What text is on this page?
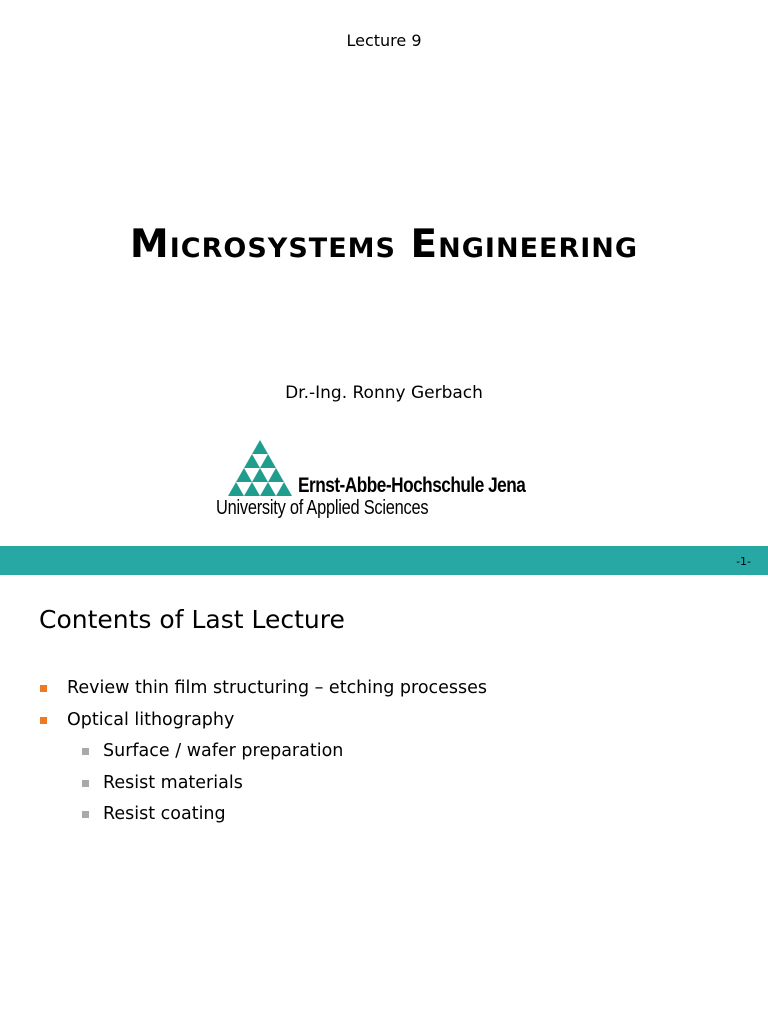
Lecture 9
Microsystems Engineering
Dr.-Ing. Ronny Gerbach
Ernst-Abbe-Hochschule Jena
University of Applied Sciences
-1-
Contents of Last Lecture
Review thin film structuring – etching processes
Optical lithography
Surface / wafer preparation
Resist materials
Resist coating
